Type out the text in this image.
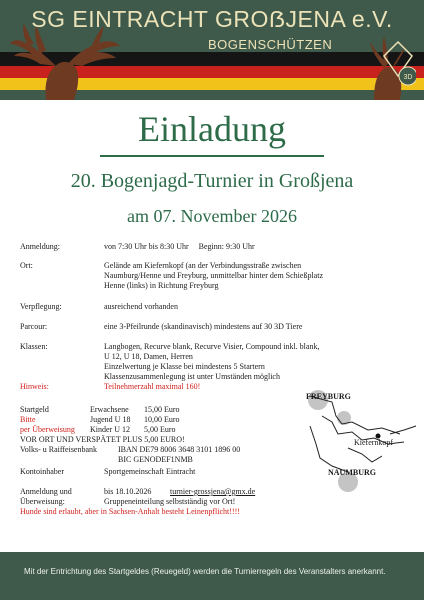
3D
SG EINTRACHT GROẞJENA e.V.
BOGENSCHÜTZEN
Einladung
20. Bogenjagd-Turnier in Großjena
am 07. November 2026
Anmeldung:	von 7:30 Uhr bis 8:30 Uhr     Beginn: 9:30 Uhr
Ort:	Gelände am Kiefernkopf (an der Verbindungsstraße zwischen
Naumburg/Henne und Freyburg, unmittelbar hinter dem Schießplatz
Henne (links) in Richtung Freyburg
Verpflegung:	ausreichend vorhanden
Parcour:	eine 3-Pfeilrunde (skandinavisch) mindestens auf 30 3D Tiere
Klassen:	Langbogen, Recurve blank, Recurve Visier, Compound inkl. blank,
U 12, U 18, Damen, Herren
Einzelwertung je Klasse bei mindestens 5 Startern
Klassenzusammenlegung ist unter Umständen möglich
Hinweis:	Teilnehmerzahl maximal 160!
Startgeld	Erwachsene 15,00 Euro
Bitte	Jugend U 18 10,00 Euro
per Überweisung Kinder U 12 5,00 Euro
VOR ORT UND VERSPÄTET PLUS 5,00 EURO!
Volks- u Raiffeisenbank	IBAN DE79 8006 3648 3101 1896 00
BIC GENODEF1NMB
Kontoinhaber	Sportgemeinschaft Eintracht
Anmeldung und	bis 18.10.2026 turnier-grossjena@gmx.de
Überweisung:	Gruppeneinteilung selbstständig vor Ort!
Hunde sind erlaubt, aber in Sachsen-Anhalt besteht Leinenpflicht!!!!
FREYBURG
Kiefernkopf
NAUMBURG
Mit der Entrichtung des Startgeldes (Reuegeld) werden die Turnierregeln des Veranstalters anerkannt.
